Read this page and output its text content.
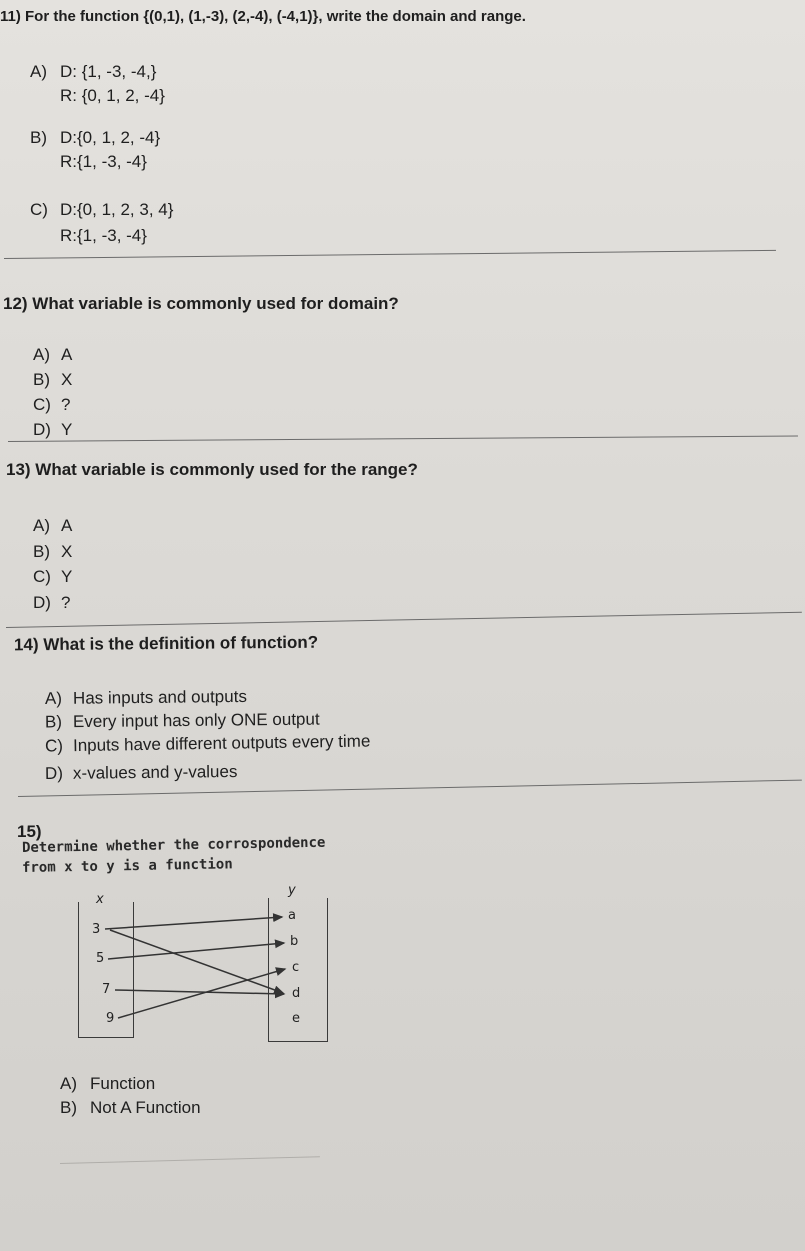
11) For the function {(0,1), (1,-3), (2,-4), (-4,1)}, write the domain and range.
A) D: {1, -3, -4,}
R: {0, 1, 2, -4}
B) D:{0, 1, 2, -4}
R:{1, -3, -4}
C) D:{0, 1, 2, 3, 4}
R:{1, -3, -4}
12) What variable is commonly used for domain?
A) A
B) X
C) ?
D) Y
13) What variable is commonly used for the range?
A) A
B) X
C) Y
D) ?
14) What is the definition of function?
A) Has inputs and outputs
B) Every input has only ONE output
C) Inputs have different outputs every time
D) x-values and y-values
15)
Determine whether the corrospondence
from x to y is a function
x
y
3
5
7
9
a
b
c
d
e
A) Function
B) Not A Function
